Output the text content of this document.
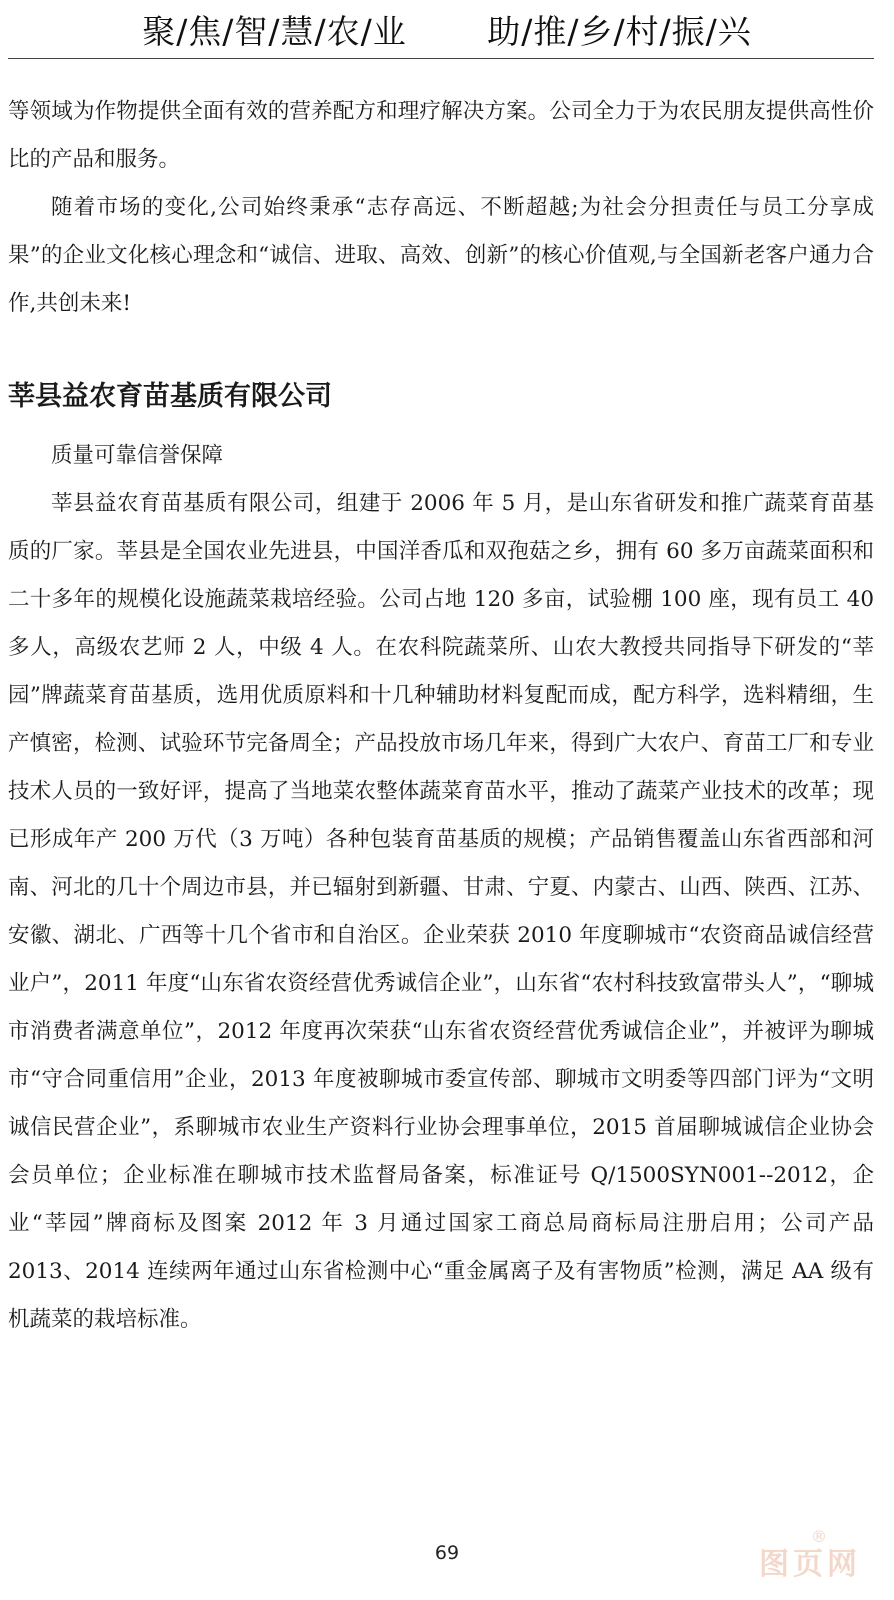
聚/焦/智/慧/农/业       助/推/乡/村/振/兴

等领域为作物提供全面有效的营养配方和理疗解决方案。公司全力于为农民朋友提供高性价比的产品和服务。

随着市场的变化,公司始终秉承“志存高远、不断超越;为社会分担责任与员工分享成果”的企业文化核心理念和“诚信、进取、高效、创新”的核心价值观,与全国新老客户通力合作,共创未来!

莘县益农育苗基质有限公司

质量可靠信誉保障

莘县益农育苗基质有限公司，组建于 2006 年 5 月，是山东省研发和推广蔬菜育苗基质的厂家。莘县是全国农业先进县，中国洋香瓜和双孢菇之乡，拥有 60 多万亩蔬菜面积和二十多年的规模化设施蔬菜栽培经验。公司占地 120 多亩，试验棚 100 座，现有员工 40 多人，高级农艺师 2 人，中级 4 人。在农科院蔬菜所、山农大教授共同指导下研发的“莘园”牌蔬菜育苗基质，选用优质原料和十几种辅助材料复配而成，配方科学，选料精细，生产慎密，检测、试验环节完备周全；产品投放市场几年来，得到广大农户、育苗工厂和专业技术人员的一致好评，提高了当地菜农整体蔬菜育苗水平，推动了蔬菜产业技术的改革；现已形成年产 200 万代（3 万吨）各种包装育苗基质的规模；产品销售覆盖山东省西部和河南、河北的几十个周边市县，并已辐射到新疆、甘肃、宁夏、内蒙古、山西、陕西、江苏、安徽、湖北、广西等十几个省市和自治区。企业荣获 2010 年度聊城市“农资商品诚信经营业户”，2011 年度“山东省农资经营优秀诚信企业”，山东省“农村科技致富带头人”，“聊城市消费者满意单位”，2012 年度再次荣获“山东省农资经营优秀诚信企业”，并被评为聊城市“守合同重信用”企业，2013 年度被聊城市委宣传部、聊城市文明委等四部门评为“文明诚信民营企业”，系聊城市农业生产资料行业协会理事单位，2015 首届聊城诚信企业协会会员单位；企业标准在聊城市技术监督局备案，标准证号 Q/1500SYN001--2012，企业“莘园”牌商标及图案 2012 年 3 月通过国家工商总局商标局注册启用；公司产品 2013、2014 连续两年通过山东省检测中心“重金属离子及有害物质”检测，满足 AA 级有机蔬菜的栽培标准。

69
®
图页网
